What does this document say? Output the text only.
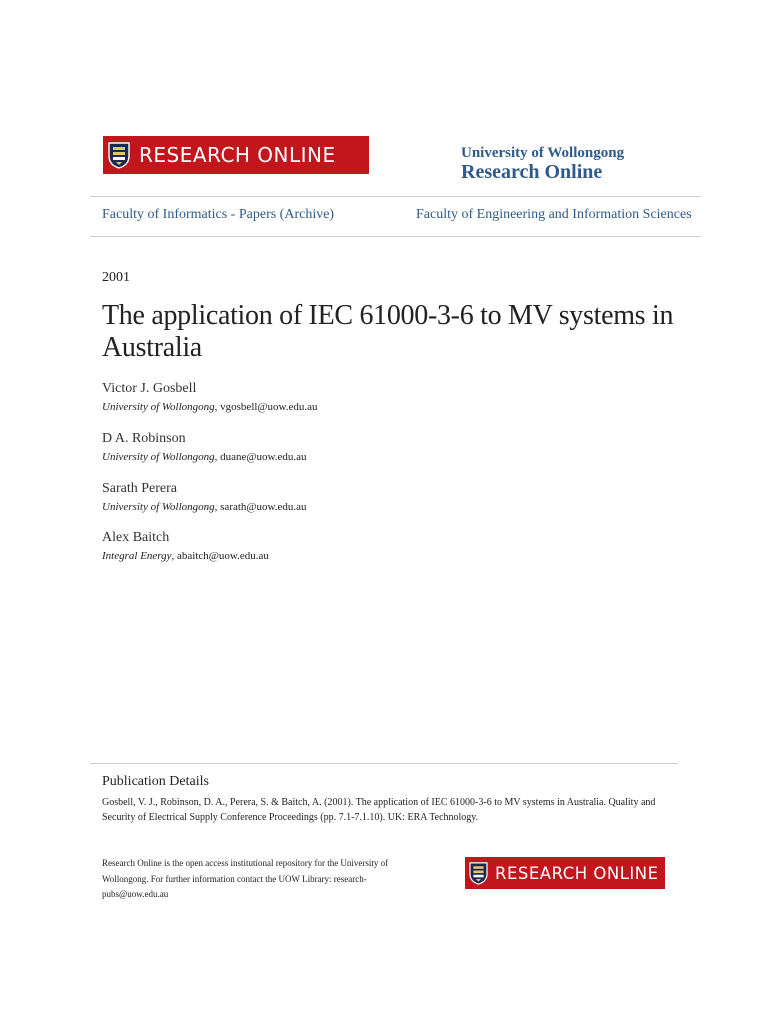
RESEARCH ONLINE	University of Wollongong
Research Online
Faculty of Informatics - Papers (Archive)	Faculty of Engineering and Information Sciences
2001
The application of IEC 61000-3-6 to MV systems in Australia
Victor J. Gosbell
University of Wollongong, vgosbell@uow.edu.au
D A. Robinson
University of Wollongong, duane@uow.edu.au
Sarath Perera
University of Wollongong, sarath@uow.edu.au
Alex Baitch
Integral Energy, abaitch@uow.edu.au
Publication Details
Gosbell, V. J., Robinson, D. A., Perera, S. & Baitch, A. (2001). The application of IEC 61000-3-6 to MV systems in Australia. Quality and Security of Electrical Supply Conference Proceedings (pp. 7.1-7.1.10). UK: ERA Technology.
Research Online is the open access institutional repository for the University of Wollongong. For further information contact the UOW Library: research-pubs@uow.edu.au
RESEARCH ONLINE
